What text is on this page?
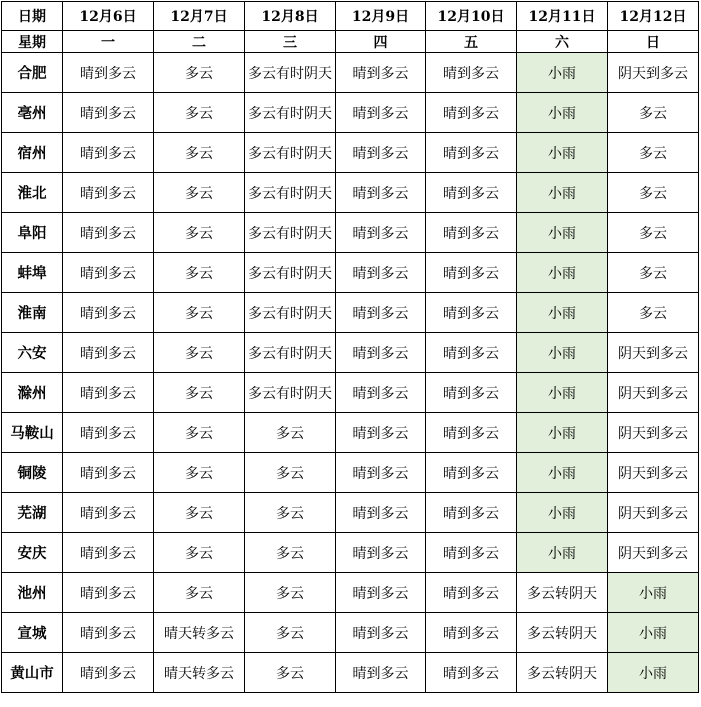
日期	12月6日	12月7日	12月8日	12月9日	12月10日	12月11日	12月12日
星期	一	二	三	四	五	六	日
合肥	晴到多云	多云	多云有时阴天	晴到多云	晴到多云	小雨	阴天到多云
亳州	晴到多云	多云	多云有时阴天	晴到多云	晴到多云	小雨	多云
宿州	晴到多云	多云	多云有时阴天	晴到多云	晴到多云	小雨	多云
淮北	晴到多云	多云	多云有时阴天	晴到多云	晴到多云	小雨	多云
阜阳	晴到多云	多云	多云有时阴天	晴到多云	晴到多云	小雨	多云
蚌埠	晴到多云	多云	多云有时阴天	晴到多云	晴到多云	小雨	多云
淮南	晴到多云	多云	多云有时阴天	晴到多云	晴到多云	小雨	多云
六安	晴到多云	多云	多云有时阴天	晴到多云	晴到多云	小雨	阴天到多云
滁州	晴到多云	多云	多云有时阴天	晴到多云	晴到多云	小雨	阴天到多云
马鞍山	晴到多云	多云	多云	晴到多云	晴到多云	小雨	阴天到多云
铜陵	晴到多云	多云	多云	晴到多云	晴到多云	小雨	阴天到多云
芜湖	晴到多云	多云	多云	晴到多云	晴到多云	小雨	阴天到多云
安庆	晴到多云	多云	多云	晴到多云	晴到多云	小雨	阴天到多云
池州	晴到多云	多云	多云	晴到多云	晴到多云	多云转阴天	小雨
宣城	晴到多云	晴天转多云	多云	晴到多云	晴到多云	多云转阴天	小雨
黄山市	晴到多云	晴天转多云	多云	晴到多云	晴到多云	多云转阴天	小雨
